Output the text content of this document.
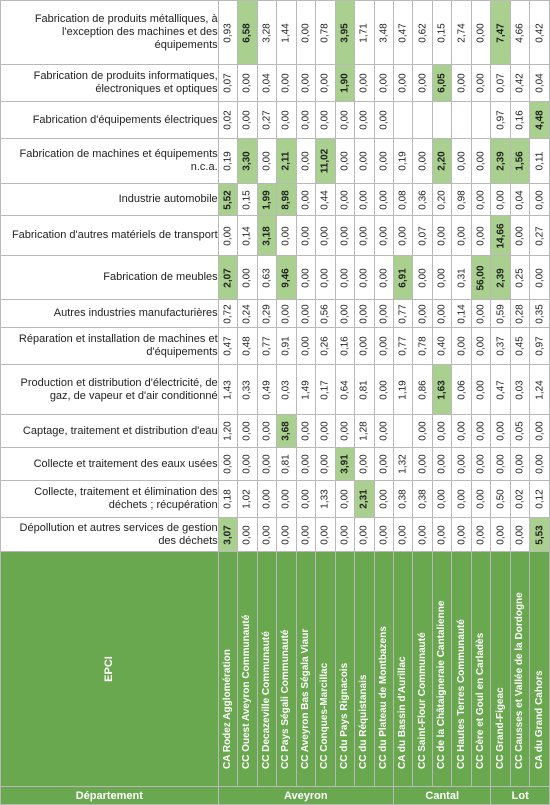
Fabrication de produits métalliques, à l'exception des machines et des équipements	0,93	6,58	3,28	1,44	0,00	0,78	3,95	1,71	3,48	0,47	0,62	0,15	2,74	0,00	7,47	4,66	0,42

Fabrication de produits informatiques, électroniques et optiques	0,07	0,00	0,04	0,00	0,00	0,00	1,90	0,00	0,00	0,00	0,00	6,05	0,00	0,00	0,07	0,42	0,04

Fabrication d'équipements électriques	0,02	0,00	0,27	0,00	0,00	0,00	0,00	0,00	0,00						0,97	0,16	4,48

Fabrication de machines et équipements n.c.a.	0,19	3,30	0,00	2,11	0,00	11,02	0,00	0,00	0,00	0,19	0,00	2,20	0,00	0,00	2,39	1,56	0,11

Industrie automobile	5,52	0,15	1,99	8,98	0,00	0,44	0,00	0,00	0,00	0,08	0,36	0,20	0,98	0,00	0,00	0,04	0,00

Fabrication d'autres matériels de transport	0,00	0,14	3,18	0,00	0,00	0,00	0,00	0,00	0,00	0,00	0,07	0,00	0,00	0,00	14,66	0,00	0,27

Fabrication de meubles	2,07	0,00	0,63	9,46	0,00	0,00	0,00	0,00	0,00	6,91	0,00	0,00	0,31	56,00	2,39	0,25	0,00

Autres industries manufacturières	0,72	0,24	0,29	0,00	0,00	0,56	0,00	0,00	0,00	0,77	0,00	0,00	0,14	0,00	0,59	0,28	0,35

Réparation et installation de machines et d'équipements	0,47	0,48	0,77	0,91	0,00	0,26	0,16	0,00	0,00	0,77	0,78	0,40	0,00	0,00	0,37	0,45	0,97

Production et distribution d'électricité, de gaz, de vapeur et d'air conditionné	1,43	0,33	0,49	0,03	1,49	0,17	0,64	0,81	0,00	1,19	0,86	1,63	0,06	0,00	0,47	0,03	1,24

Captage, traitement et distribution d'eau	1,20	0,00	0,00	3,68	0,00	0,00	0,00	1,28	0,00		0,00	0,00	0,00	0,00	0,00	0,05	0,00

Collecte et traitement des eaux usées	0,00	0,00	0,00	0,81	0,00	0,00	3,91	0,00	0,00	1,32	0,00	0,00	0,00	0,00	0,00	0,00	0,00

Collecte, traitement et élimination des déchets ; récupération	0,18	1,02	0,00	0,00	0,00	1,33	0,00	2,31	0,00	0,38	0,38	0,00	0,00	0,00	0,50	0,02	0,12

Dépollution et autres services de gestion des déchets	3,07	0,00	0,00	0,00	0,00	0,00	0,00	0,00	0,00	0,00	0,00	0,00	0,00	0,00	0,00	0,00	5,53

EPCI	CA Rodez Agglomération	CC Ouest Aveyron Communauté	CC Decazeville Communauté	CC Pays Ségali Communauté	CC Aveyron Bas Ségala Viaur	CC Conques-Marcillac	CC du Pays Rignacois	CC du Réquistanais	CC du Plateau de Montbazens	CA du Bassin d'Aurillac	CC Saint-Flour Communauté	CC de la Châtaigneraie Cantalienne	CC Hautes Terres Communauté	CC Cère et Goul en Carladès	CC Grand-Figeac	CC Causses et Vallée de la Dordogne	CA du Grand Cahors

Département	Aveyron									Cantal					Lot		
